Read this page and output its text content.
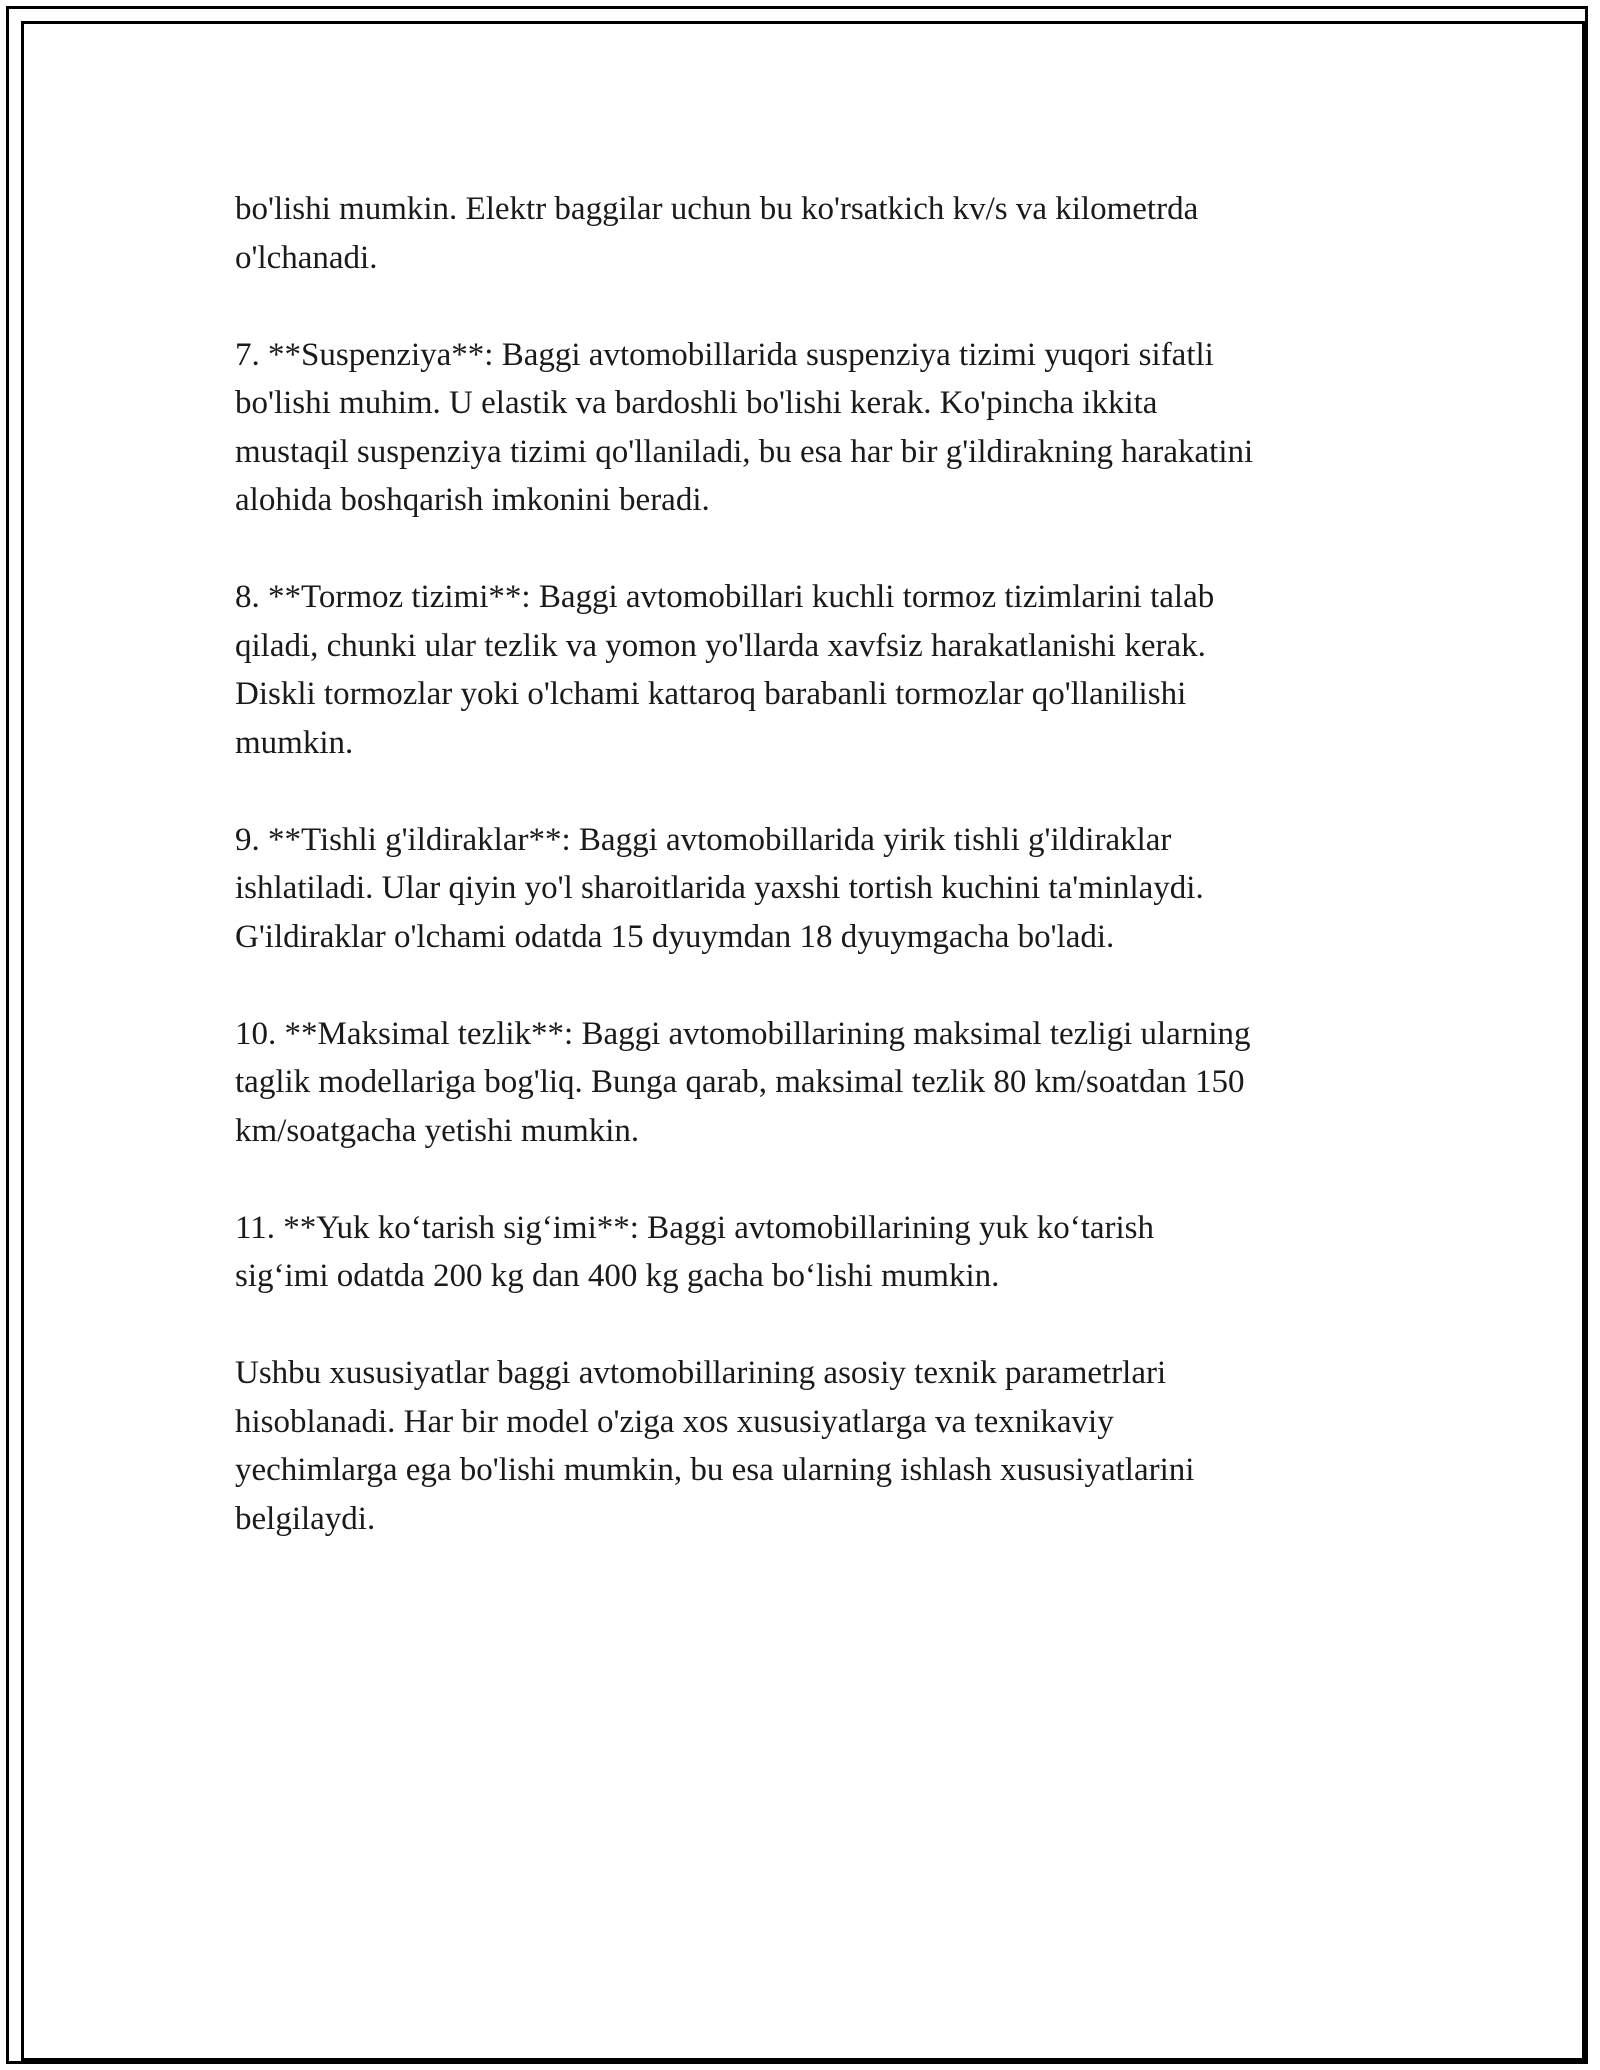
bo'lishi mumkin. Elektr baggilar uchun bu ko'rsatkich kv/s va kilometrda
o'lchanadi.

7. **Suspenziya**: Baggi avtomobillarida suspenziya tizimi yuqori sifatli
bo'lishi muhim. U elastik va bardoshli bo'lishi kerak. Ko'pincha ikkita
mustaqil suspenziya tizimi qo'llaniladi, bu esa har bir g'ildirakning harakatini
alohida boshqarish imkonini beradi.

8. **Tormoz tizimi**: Baggi avtomobillari kuchli tormoz tizimlarini talab
qiladi, chunki ular tezlik va yomon yo'llarda xavfsiz harakatlanishi kerak.
Diskli tormozlar yoki o'lchami kattaroq barabanli tormozlar qo'llanilishi
mumkin.

9. **Tishli g'ildiraklar**: Baggi avtomobillarida yirik tishli g'ildiraklar
ishlatiladi. Ular qiyin yo'l sharoitlarida yaxshi tortish kuchini ta'minlaydi.
G'ildiraklar o'lchami odatda 15 dyuymdan 18 dyuymgacha bo'ladi.

10. **Maksimal tezlik**: Baggi avtomobillarining maksimal tezligi ularning
taglik modellariga bog'liq. Bunga qarab, maksimal tezlik 80 km/soatdan 150
km/soatgacha yetishi mumkin.

11. **Yuk ko‘tarish sig‘imi**: Baggi avtomobillarining yuk ko‘tarish
sig‘imi odatda 200 kg dan 400 kg gacha bo‘lishi mumkin.

Ushbu xususiyatlar baggi avtomobillarining asosiy texnik parametrlari
hisoblanadi. Har bir model o'ziga xos xususiyatlarga va texnikaviy
yechimlarga ega bo'lishi mumkin, bu esa ularning ishlash xususiyatlarini
belgilaydi.
